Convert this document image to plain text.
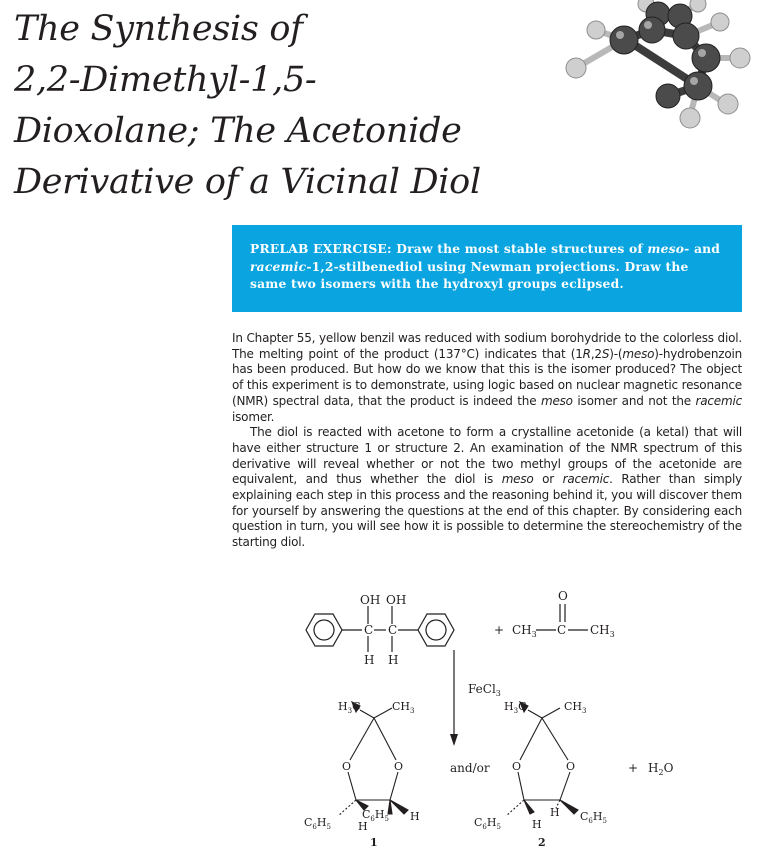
The Synthesis of
2,2-Dimethyl-1,5-
Dioxolane; The Acetonide
Derivative of a Vicinal Diol
PRELAB EXERCISE: Draw the most stable structures of meso- and racemic-1,2-stilbenediol using Newman projections. Draw the same two isomers with the hydroxyl groups eclipsed.

In Chapter 55, yellow benzil was reduced with sodium borohydride to the colorless diol. The melting point of the product (137°C) indicates that (1R,2S)-(meso)-hydrobenzoin has been produced. But how do we know that this is the isomer produced? The object of this experiment is to demonstrate, using logic based on nuclear magnetic resonance (NMR) spectral data, that the product is indeed the meso isomer and not the racemic isomer.

The diol is reacted with acetone to form a crystalline acetonide (a ketal) that will have either structure 1 or structure 2. An examination of the NMR spectrum of this derivative will reveal whether or not the two methyl groups of the acetonide are equivalent, and thus whether the diol is meso or racemic. Rather than simply explaining each step in this process and the reasoning behind it, you will discover them for yourself by answering the questions at the end of this chapter. By considering each question in turn, you will see how it is possible to determine the stereochemistry of the starting diol.

OH OH
C C
H H
+ $CH_3$ C
O
$CH_3$
FeCl$_3$
and/or
$H_3C$	$CH_3$
O	O
$C_6H_5$
$C_6H_5$
H
H
1
$H_3C$	$CH_3$
O	O
$C_6H_5$	H
H $C_6H_5$
2
+ $H_2O$
